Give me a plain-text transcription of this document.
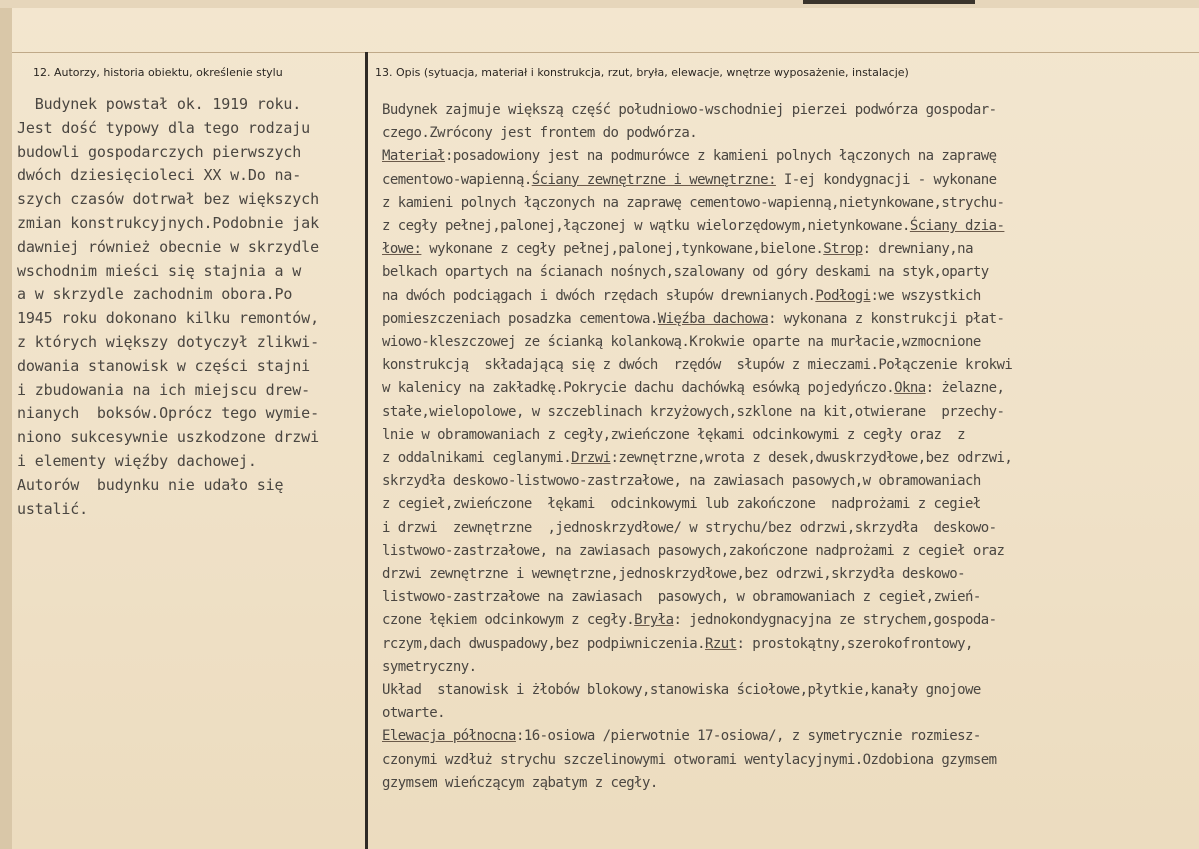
12. Autorzy, historia obiektu, określenie stylu	13. Opis (sytuacja, materiał i konstrukcja, rzut, bryła, elewacje, wnętrze wyposażenie, instalacje)
Budynek powstał ok. 1919 roku.
Jest dość typowy dla tego rodzaju
budowli gospodarczych pierwszych
dwóch dziesięcioleci XX w.Do na-
szych czasów dotrwał bez większych
zmian konstrukcyjnych.Podobnie jak
dawniej również obecnie w skrzydle
wschodnim mieści się stajnia a w
a w skrzydle zachodnim obora.Po
1945 roku dokonano kilku remontów,
z których większy dotyczył zlikwi-
dowania stanowisk w części stajni
i zbudowania na ich miejscu drew-
nianych  boksów.Oprócz tego wymie-
niono sukcesywnie uszkodzone drzwi
i elementy więźby dachowej.
Autorów  budynku nie udało się
ustalić.
Budynek zajmuje większą część południowo-wschodniej pierzei podwórza gospodar-
czego.Zwrócony jest frontem do podwórza.
Materiał:posadowiony jest na podmurówce z kamieni polnych łączonych na zaprawę
cementowo-wapienną.Ściany zewnętrzne i wewnętrzne: I-ej kondygnacji - wykonane
z kamieni polnych łączonych na zaprawę cementowo-wapienną,nietynkowane,strychu-
z cegły pełnej,palonej,łączonej w wątku wielorzędowym,nietynkowane.Ściany dzia-
łowe: wykonane z cegły pełnej,palonej,tynkowane,bielone.Strop: drewniany,na
belkach opartych na ścianach nośnych,szalowany od góry deskami na styk,oparty
na dwóch podciągach i dwóch rzędach słupów drewnianych.Podłogi:we wszystkich
pomieszczeniach posadzka cementowa.Więźba dachowa: wykonana z konstrukcji płat-
wiowo-kleszczowej ze ścianką kolankową.Krokwie oparte na murłacie,wzmocnione
konstrukcją  składającą się z dwóch  rzędów  słupów z mieczami.Połączenie krokwi
w kalenicy na zakładkę.Pokrycie dachu dachówką esówką pojedyńczo.Okna: żelazne,
stałe,wielopolowe, w szczeblinach krzyżowych,szklone na kit,otwierane  przechy-
lnie w obramowaniach z cegły,zwieńczone łękami odcinkowymi z cegły oraz  z
z oddalnikami ceglanymi.Drzwi:zewnętrzne,wrota z desek,dwuskrzydłowe,bez odrzwi,
skrzydła deskowo-listwowo-zastrzałowe, na zawiasach pasowych,w obramowaniach
z cegieł,zwieńczone  łękami  odcinkowymi lub zakończone  nadprożami z cegieł
i drzwi  zewnętrzne  ,jednoskrzydłowe/ w strychu/bez odrzwi,skrzydła  deskowo-
listwowo-zastrzałowe, na zawiasach pasowych,zakończone nadprożami z cegieł oraz
drzwi zewnętrzne i wewnętrzne,jednoskrzydłowe,bez odrzwi,skrzydła deskowo-
listwowo-zastrzałowe na zawiasach  pasowych, w obramowaniach z cegieł,zwień-
czone łękiem odcinkowym z cegły.Bryła: jednokondygnacyjna ze strychem,gospoda-
rczym,dach dwuspadowy,bez podpiwniczenia.Rzut: prostokątny,szerokofrontowy,
symetryczny.
Układ  stanowisk i żłobów blokowy,stanowiska ściołowe,płytkie,kanały gnojowe
otwarte.
Elewacja północna:16-osiowa /pierwotnie 17-osiowa/, z symetrycznie rozmiesz-
czonymi wzdłuż strychu szczelinowymi otworami wentylacyjnymi.Ozdobiona gzymsem
gzymsem wieńczącym ząbatym z cegły.
